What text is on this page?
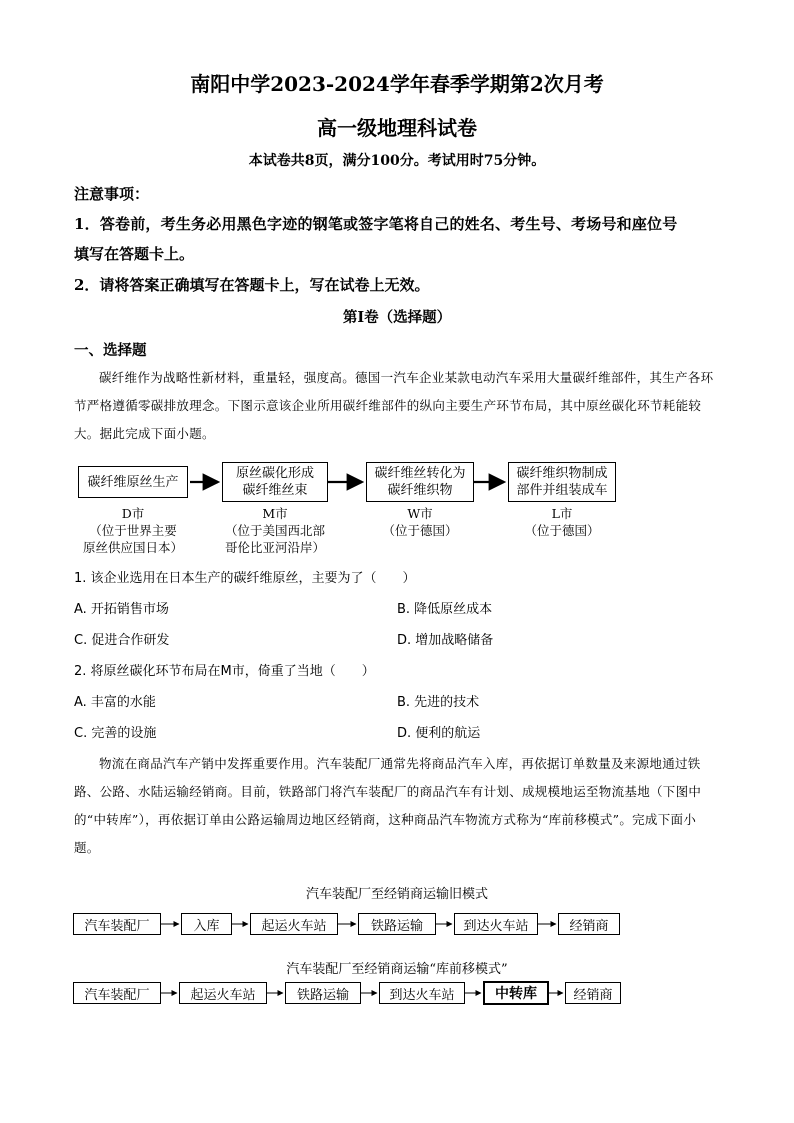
南阳中学2023-2024学年春季学期第2次月考
高一级地理科试卷
本试卷共8页，满分100分。考试用时75分钟。
注意事项：
1．答卷前，考生务必用黑色字迹的钢笔或签字笔将自己的姓名、考生号、考场号和座位号
填写在答题卡上。
2．请将答案正确填写在答题卡上，写在试卷上无效。
第Ⅰ卷（选择题）
一、选择题
碳纤维作为战略性新材料，重量轻，强度高。德国一汽车企业某款电动汽车采用大量碳纤维部件，其生产各环节严格遵循零碳排放理念。下图示意该企业所用碳纤维部件的纵向主要生产环节布局，其中原丝碳化环节耗能较大。据此完成下面小题。
碳纤维原丝生产
原丝碳化形成
碳纤维丝束
碳纤维丝转化为
碳纤维织物
碳纤维织物制成
部件并组装成车
D市
（位于世界主要
原丝供应国日本）
M市
（位于美国西北部
哥伦比亚河沿岸）
W市
（位于德国）
L市
（位于德国）
1. 该企业选用在日本生产的碳纤维原丝，主要为了（　　）
A. 开拓销售市场	B. 降低原丝成本
C. 促进合作研发	D. 增加战略储备
2. 将原丝碳化环节布局在M市，倚重了当地（　　）
A. 丰富的水能	B. 先进的技术
C. 完善的设施	D. 便利的航运
物流在商品汽车产销中发挥重要作用。汽车装配厂通常先将商品汽车入库，再依据订单数量及来源地通过铁路、公路、水陆运输经销商。目前，铁路部门将汽车装配厂的商品汽车有计划、成规模地运至物流基地（下图中的“中转库”），再依据订单由公路运输周边地区经销商，这种商品汽车物流方式称为“库前移模式”。完成下面小题。
汽车装配厂至经销商运输旧模式
汽车装配厂	入库	起运火车站	铁路运输	到达火车站	经销商
汽车装配厂至经销商运输“库前移模式”
汽车装配厂	起运火车站	铁路运输	到达火车站	中转库	经销商
